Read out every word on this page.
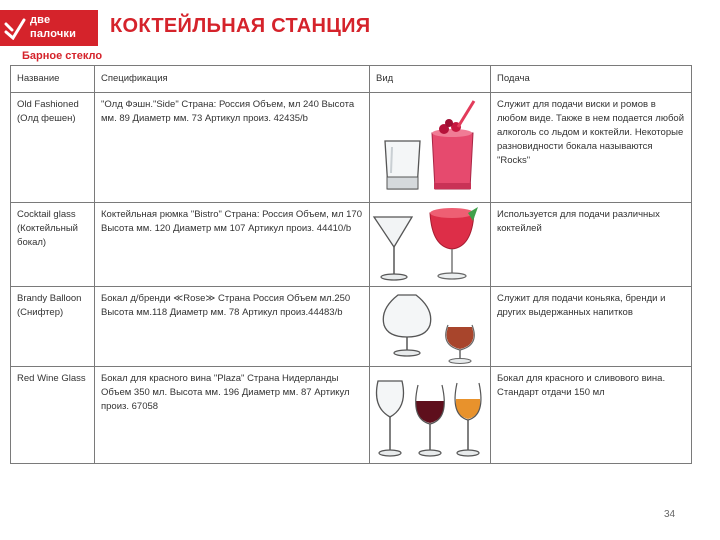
две
палочки	КОКТЕЙЛЬНАЯ СТАНЦИЯ
Барное стекло
Название	Спецификация	Вид	Подача
Old Fashioned (Олд фешен)	"Олд Фэшн."Side" Страна: Россия Объем, мл 240 Высота мм. 89 Диаметр мм. 73 Артикул произ. 42435/b		Служит для подачи виски и ромов в любом виде. Также в нем подается любой алкоголь со льдом и коктейли. Некоторые разновидности бокала называются "Rocks"
Cocktail glass (Коктейльный бокал)	Коктейльная рюмка "Bistro" Страна: Россия Объем, мл 170 Высота мм. 120 Диаметр мм 107 Артикул произ. 44410/b		Используется для подачи различных коктейлей
Brandy Balloon (Снифтер)	Бокал д/бренди ≪Rose≫ Страна Россия Объем мл.250 Высота мм.118 Диаметр мм. 78 Артикул произ.44483/b		Служит для подачи коньяка, бренди и других выдержанных напитков
Red Wine Glass	Бокал для красного вина "Plaza" Страна Нидерланды Объем 350 мл. Высота мм. 196 Диаметр мм. 87 Артикул произ. 67058		Бокал для красного и сливового вина. Стандарт отдачи 150 мл
34
